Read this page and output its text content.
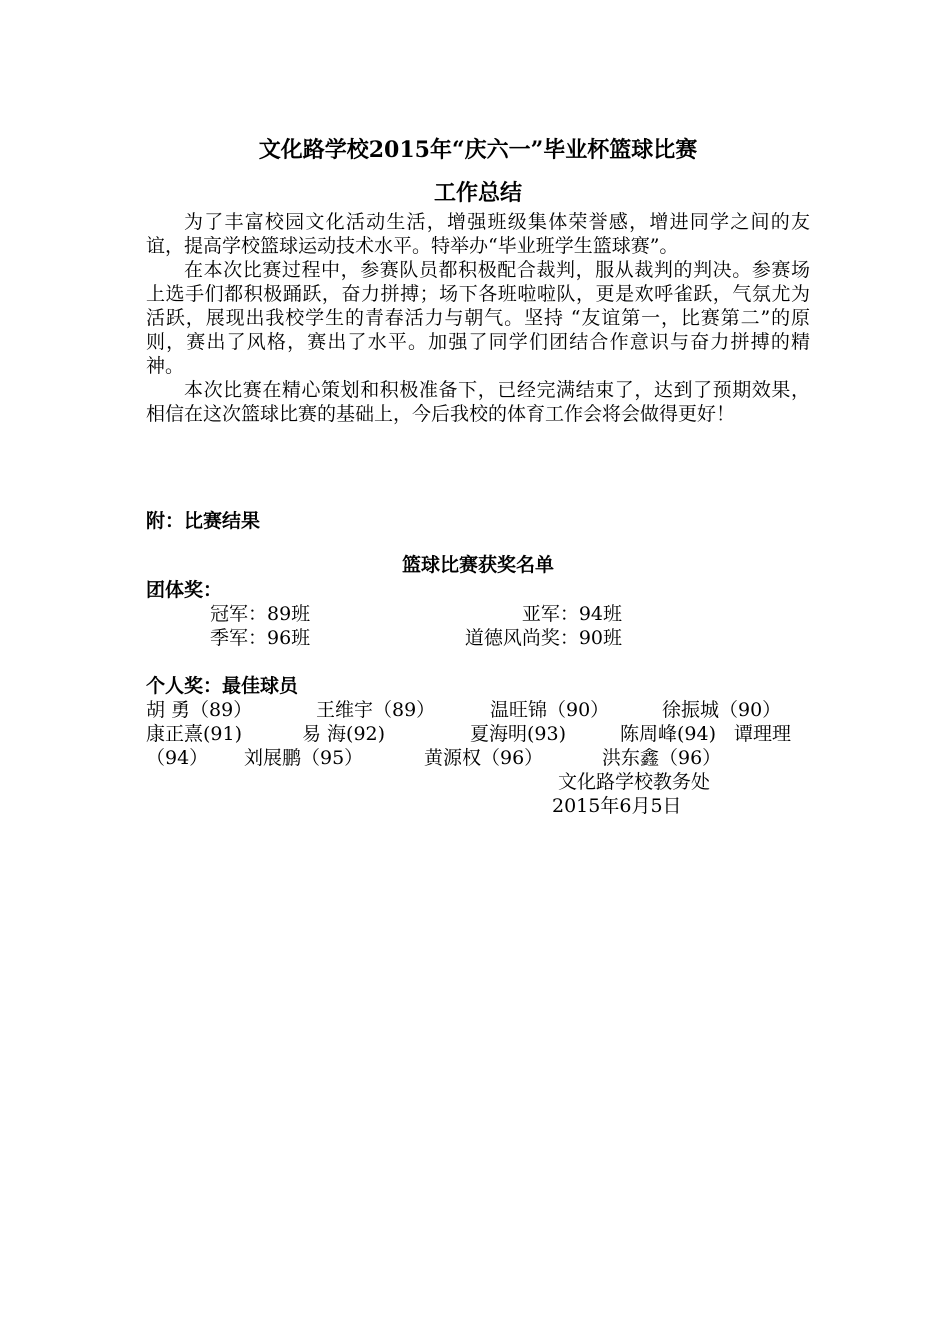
文化路学校2015年“庆六一”毕业杯篮球比赛
工作总结

为了丰富校园文化活动生活，增强班级集体荣誉感，增进同学之间的友谊，提高学校篮球运动技术水平。特举办“毕业班学生篮球赛”。

在本次比赛过程中，参赛队员都积极配合裁判，服从裁判的判决。参赛场上选手们都积极踊跃，奋力拼搏；场下各班啦啦队，更是欢呼雀跃，气氛尤为活跃，展现出我校学生的青春活力与朝气。坚持 “友谊第一，比赛第二”的原则，赛出了风格，赛出了水平。加强了同学们团结合作意识与奋力拼搏的精神。

本次比赛在精心策划和积极准备下，已经完满结束了，达到了预期效果，相信在这次篮球比赛的基础上，今后我校的体育工作会将会做得更好！

附：比赛结果

篮球比赛获奖名单

团体奖：

冠军：89班	亚军：94班
季军：96班	道德风尚奖：90班

个人奖：最佳球员

胡 勇（89）	王维宇（89）	温旺锦（90）	徐振城（90）
康正熹(91)	易 海(92)	夏海明(93)	陈周峰(94) 谭理理
（94） 刘展鹏（95）	黄源权（96）	洪东鑫（96）
文化路学校教务处
2015年6月5日
